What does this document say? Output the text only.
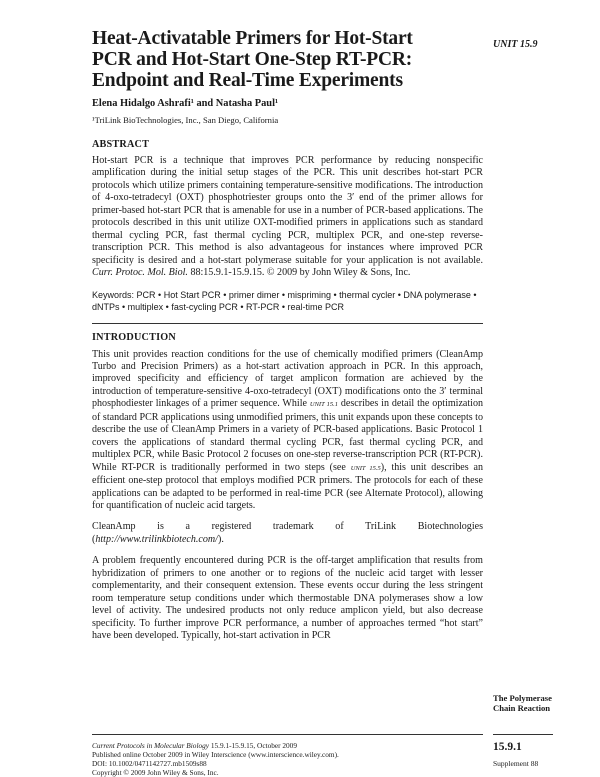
Heat-Activatable Primers for Hot-Start
PCR and Hot-Start One-Step RT-PCR:
Endpoint and Real-Time Experiments
Elena Hidalgo Ashrafi¹ and Natasha Paul¹
¹TriLink BioTechnologies, Inc., San Diego, California
ABSTRACT

Hot-start PCR is a technique that improves PCR performance by reducing nonspecific amplification during the initial setup stages of the PCR. This unit describes hot-start PCR protocols which utilize primers containing temperature-sensitive modifications. The introduction of 4-oxo-tetradecyl (OXT) phosphotriester groups onto the 3′ end of the primer allows for primer-based hot-start PCR that is amenable for use in a number of PCR-based applications. The protocols described in this unit utilize OXT-modified primers in applications such as standard thermal cycling PCR, fast thermal cycling PCR, multiplex PCR, and one-step reverse-transcription PCR. This method is also advantageous for instances where improved PCR specificity is desired and a hot-start polymerase suitable for your application is not available. Curr. Protoc. Mol. Biol. 88:15.9.1-15.9.15. © 2009 by John Wiley & Sons, Inc.

Keywords: PCR • Hot Start PCR • primer dimer • mispriming • thermal cycler • DNA polymerase • dNTPs • multiplex • fast-cycling PCR • RT-PCR • real-time PCR
INTRODUCTION

This unit provides reaction conditions for the use of chemically modified primers (CleanAmp Turbo and Precision Primers) as a hot-start activation approach in PCR. In this approach, improved specificity and efficiency of target amplicon formation are achieved by the introduction of temperature-sensitive 4-oxo-tetradecyl (OXT) modifications onto the 3′ terminal phosphodiester linkages of a primer sequence. While UNIT 15.1 describes in detail the optimization of standard PCR applications using unmodified primers, this unit expands upon these concepts to describe the use of CleanAmp Primers in a variety of PCR-based applications. Basic Protocol 1 covers the applications of standard thermal cycling PCR, fast thermal cycling PCR, and multiplex PCR, while Basic Protocol 2 focuses on one-step reverse-transcription PCR (RT-PCR). While RT-PCR is traditionally performed in two steps (see UNIT 15.5), this unit describes an efficient one-step protocol that employs modified PCR primers. The protocols for each of these applications can be adapted to be performed in real-time PCR (see Alternate Protocol), allowing for quantification of nucleic acid targets.

CleanAmp is a registered trademark of TriLink Biotechnologies (http://www.trilinkbiotech.com/).

A problem frequently encountered during PCR is the off-target amplification that results from hybridization of primers to one another or to regions of the nucleic acid target with lesser complementarity, and their consequent extension. These events occur during the less stringent room temperature setup conditions under which thermostable DNA polymerases show a low level of activity. The undesired products not only reduce amplicon yield, but also decrease specificity. To further improve PCR performance, a number of approaches termed “hot start” have been developed. Typically, hot-start activation in PCR

UNIT 15.9
The Polymerase
Chain Reaction
Current Protocols in Molecular Biology 15.9.1-15.9.15, October 2009
Published online October 2009 in Wiley Interscience (www.interscience.wiley.com).
DOI: 10.1002/0471142727.mb1509s88
Copyright © 2009 John Wiley & Sons, Inc.
15.9.1
Supplement 88
